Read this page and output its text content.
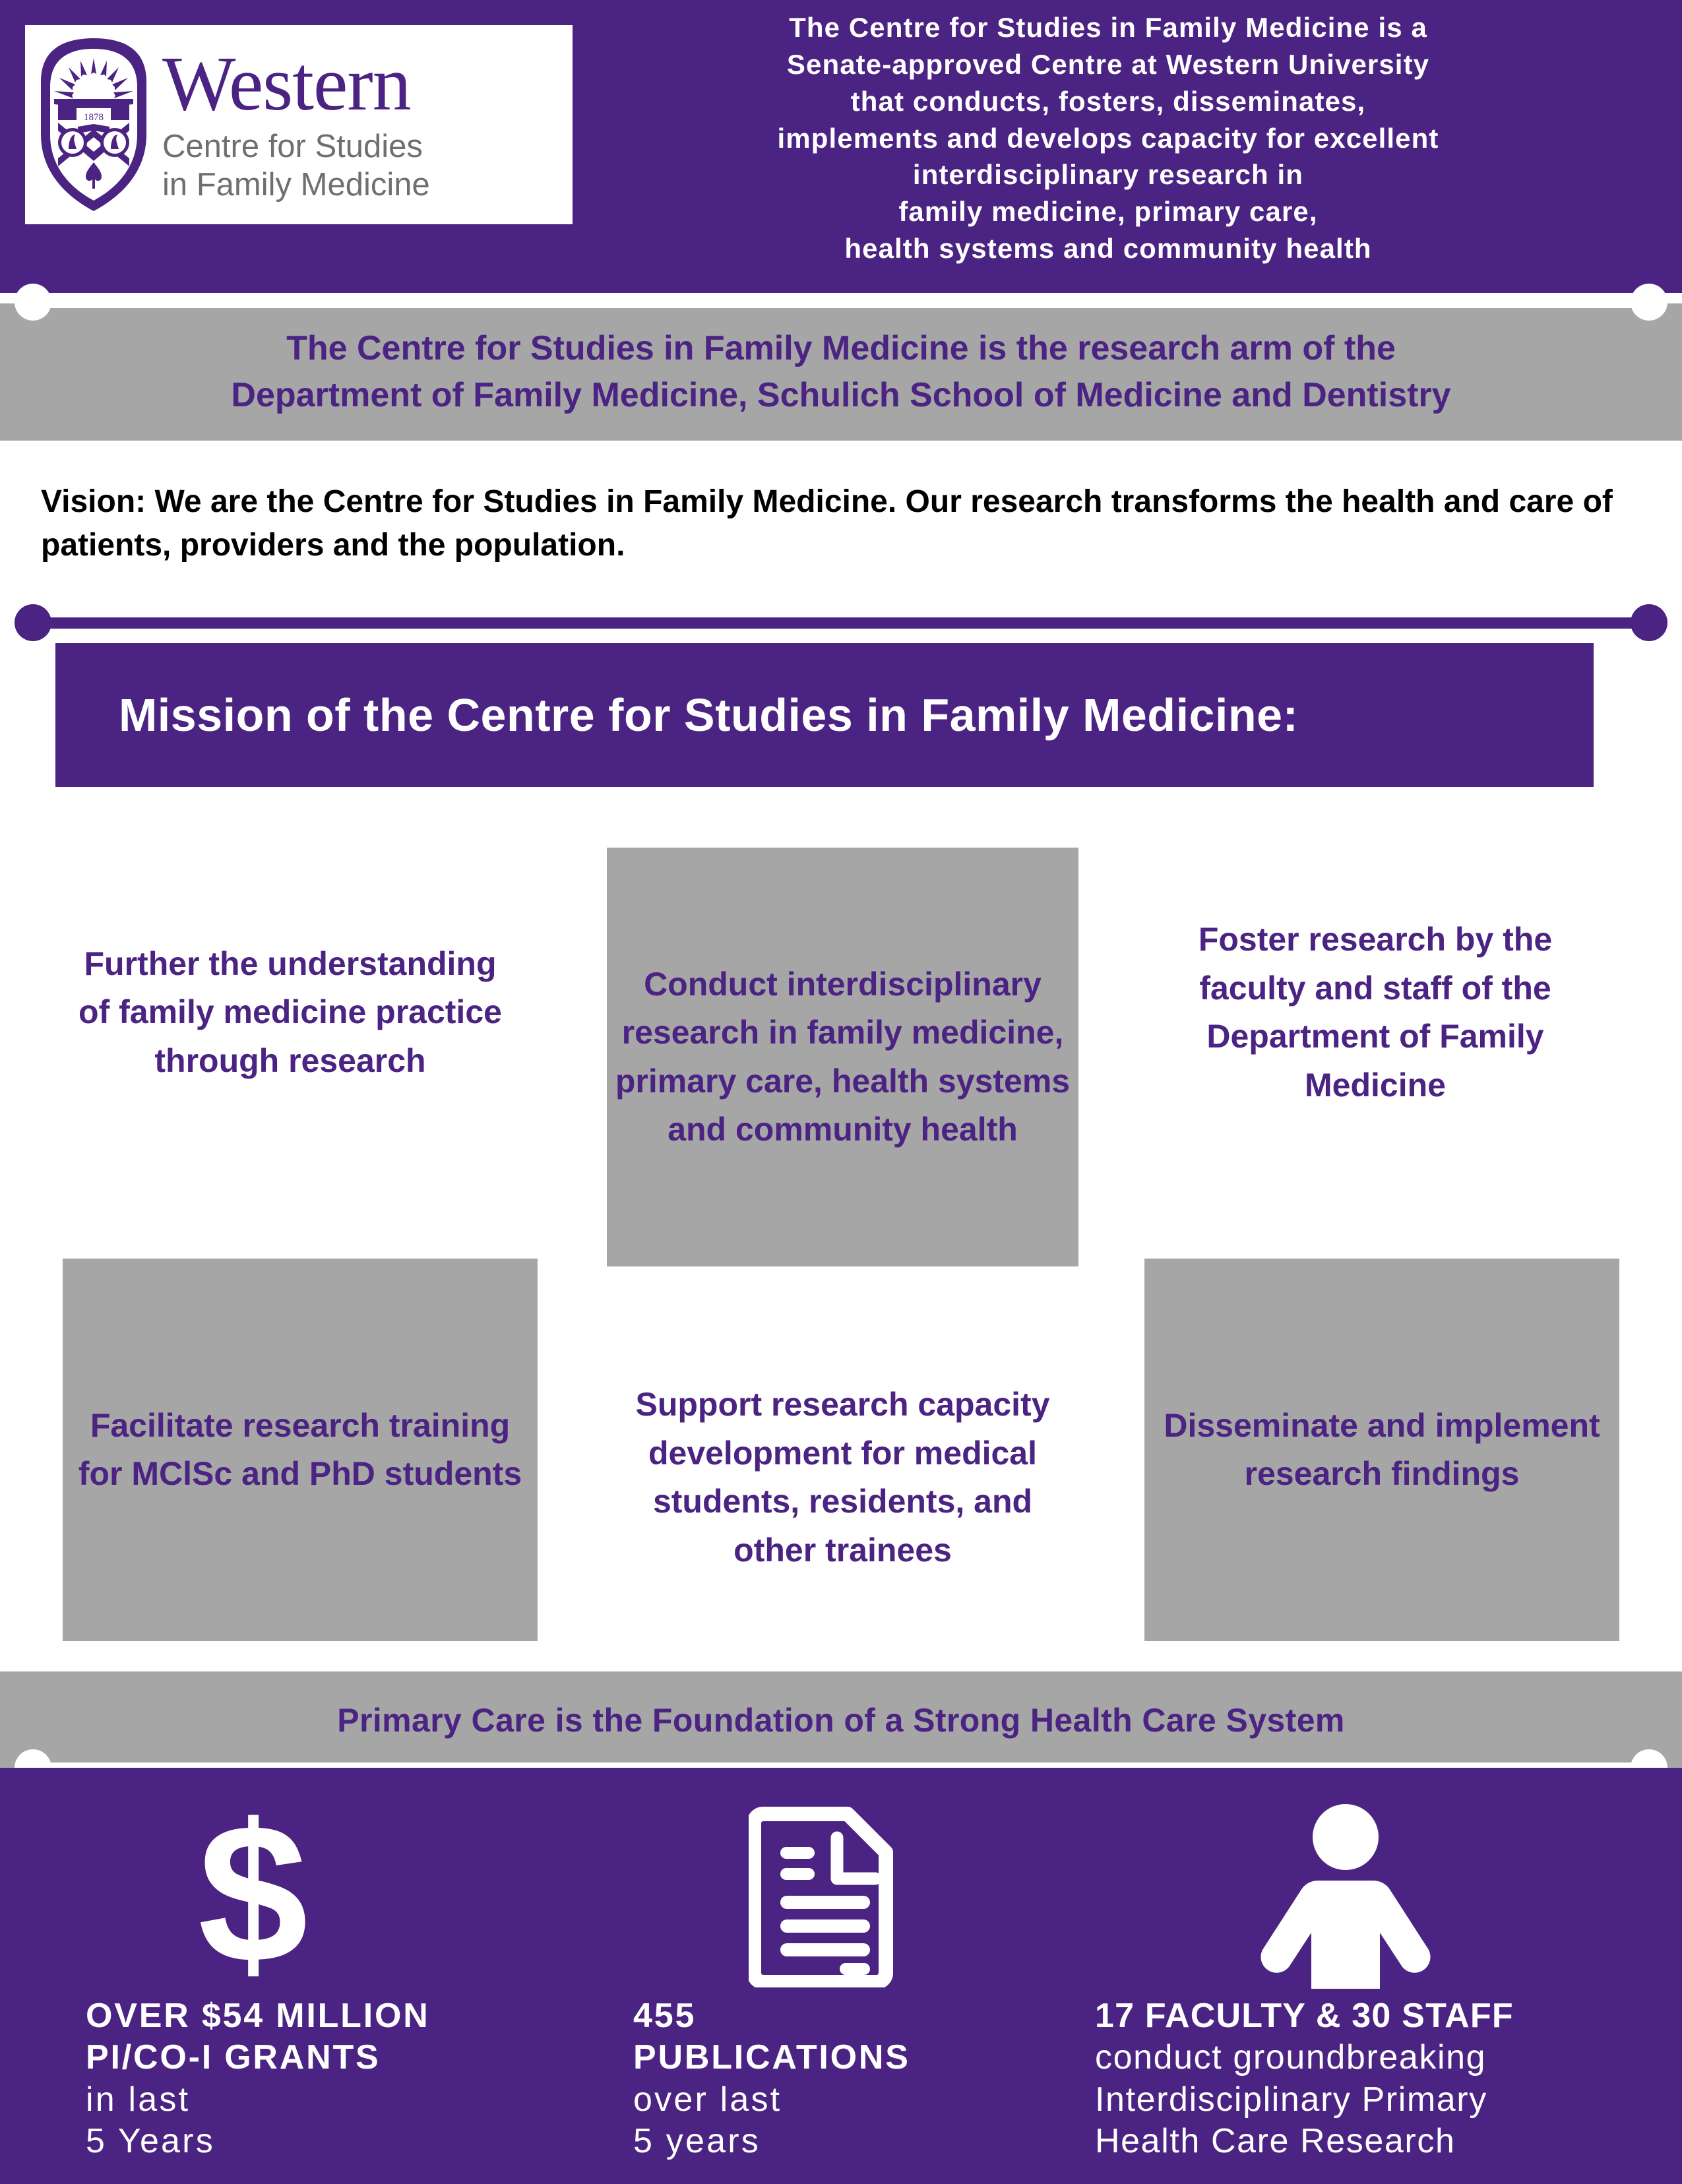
1878 Western
Centre for Studies
in Family Medicine
The Centre for Studies in Family Medicine is a
Senate-approved Centre at Western University
that conducts, fosters, disseminates,
implements and develops capacity for excellent
interdisciplinary research in
family medicine, primary care,
health systems and community health
The Centre for Studies in Family Medicine is the research arm of the
Department of Family Medicine, Schulich School of Medicine and Dentistry
Vision: We are the Centre for Studies in Family Medicine. Our research transforms the health and care of patients, providers and the population.
Mission of the Centre for Studies in Family Medicine:
Further the understanding of family medicine practice through research
Conduct interdisciplinary research in family medicine, primary care, health systems and community health
Foster research by the faculty and staff of the Department of Family Medicine
Facilitate research training for MClSc and PhD students
Support research capacity development for medical students, residents, and other trainees
Disseminate and implement research findings
Primary Care is the Foundation of a Strong Health Care System
$
OVER $54 MILLION
PI/CO-I GRANTS
in last
5 Years
455
PUBLICATIONS
over last
5 years
17 FACULTY & 30 STAFF
conduct groundbreaking
Interdisciplinary Primary
Health Care Research
